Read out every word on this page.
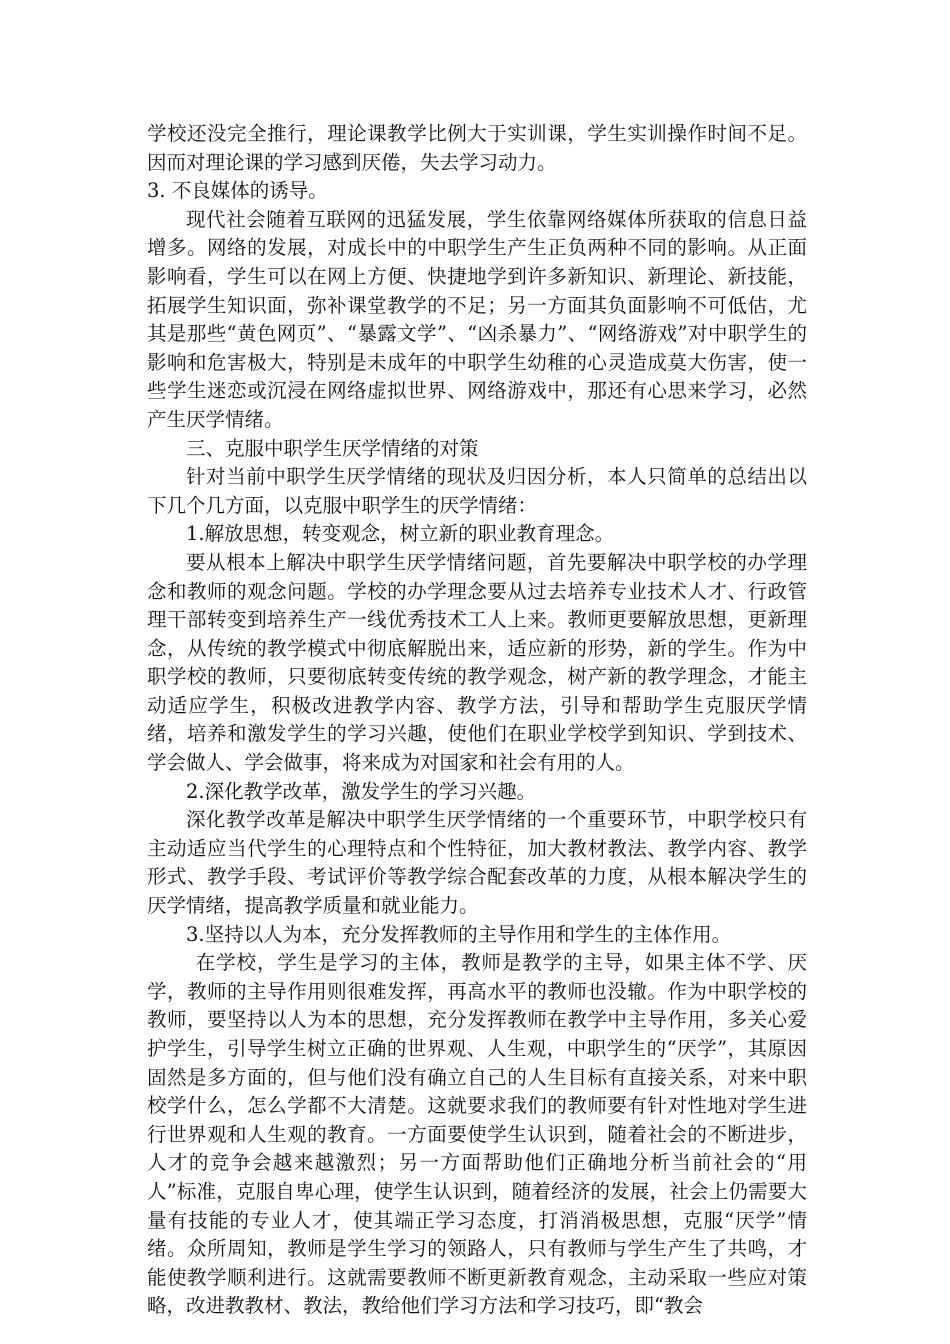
学校还没完全推行，理论课教学比例大于实训课，学生实训操作时间不足。因而对理论课的学习感到厌倦，失去学习动力。

3. 不良媒体的诱导。

现代社会随着互联网的迅猛发展，学生依靠网络媒体所获取的信息日益增多。网络的发展，对成长中的中职学生产生正负两种不同的影响。从正面影响看，学生可以在网上方便、快捷地学到许多新知识、新理论、新技能，拓展学生知识面，弥补课堂教学的不足；另一方面其负面影响不可低估，尤其是那些“黄色网页”、“暴露文学”、“凶杀暴力”、“网络游戏”对中职学生的影响和危害极大，特别是未成年的中职学生幼稚的心灵造成莫大伤害，使一些学生迷恋或沉浸在网络虚拟世界、网络游戏中，那还有心思来学习，必然产生厌学情绪。

三、克服中职学生厌学情绪的对策

针对当前中职学生厌学情绪的现状及归因分析，本人只简单的总结出以下几个几方面，以克服中职学生的厌学情绪：

1.解放思想，转变观念，树立新的职业教育理念。

要从根本上解决中职学生厌学情绪问题，首先要解决中职学校的办学理念和教师的观念问题。学校的办学理念要从过去培养专业技术人才、行政管理干部转变到培养生产一线优秀技术工人上来。教师更要解放思想，更新理念，从传统的教学模式中彻底解脱出来，适应新的形势，新的学生。作为中职学校的教师，只要彻底转变传统的教学观念，树产新的教学理念，才能主动适应学生，积极改进教学内容、教学方法，引导和帮助学生克服厌学情绪，培养和激发学生的学习兴趣，使他们在职业学校学到知识、学到技术、学会做人、学会做事，将来成为对国家和社会有用的人。

2.深化教学改革，激发学生的学习兴趣。

深化教学改革是解决中职学生厌学情绪的一个重要环节，中职学校只有主动适应当代学生的心理特点和个性特征，加大教材教法、教学内容、教学形式、教学手段、考试评价等教学综合配套改革的力度，从根本解决学生的厌学情绪，提高教学质量和就业能力。

3.坚持以人为本，充分发挥教师的主导作用和学生的主体作用。

在学校，学生是学习的主体，教师是教学的主导，如果主体不学、厌学，教师的主导作用则很难发挥，再高水平的教师也没辙。作为中职学校的教师，要坚持以人为本的思想，充分发挥教师在教学中主导作用，多关心爱护学生，引导学生树立正确的世界观、人生观，中职学生的“厌学”，其原因固然是多方面的，但与他们没有确立自己的人生目标有直接关系，对来中职校学什么，怎么学都不大清楚。这就要求我们的教师要有针对性地对学生进行世界观和人生观的教育。一方面要使学生认识到，随着社会的不断进步，人才的竞争会越来越激烈；另一方面帮助他们正确地分析当前社会的“用人”标准，克服自卑心理，使学生认识到，随着经济的发展，社会上仍需要大量有技能的专业人才，使其端正学习态度，打消消极思想，克服“厌学”情绪。众所周知，教师是学生学习的领路人，只有教师与学生产生了共鸣，才能使教学顺利进行。这就需要教师不断更新教育观念，主动采取一些应对策略，改进教教材、教法，教给他们学习方法和学习技巧，即“教会
